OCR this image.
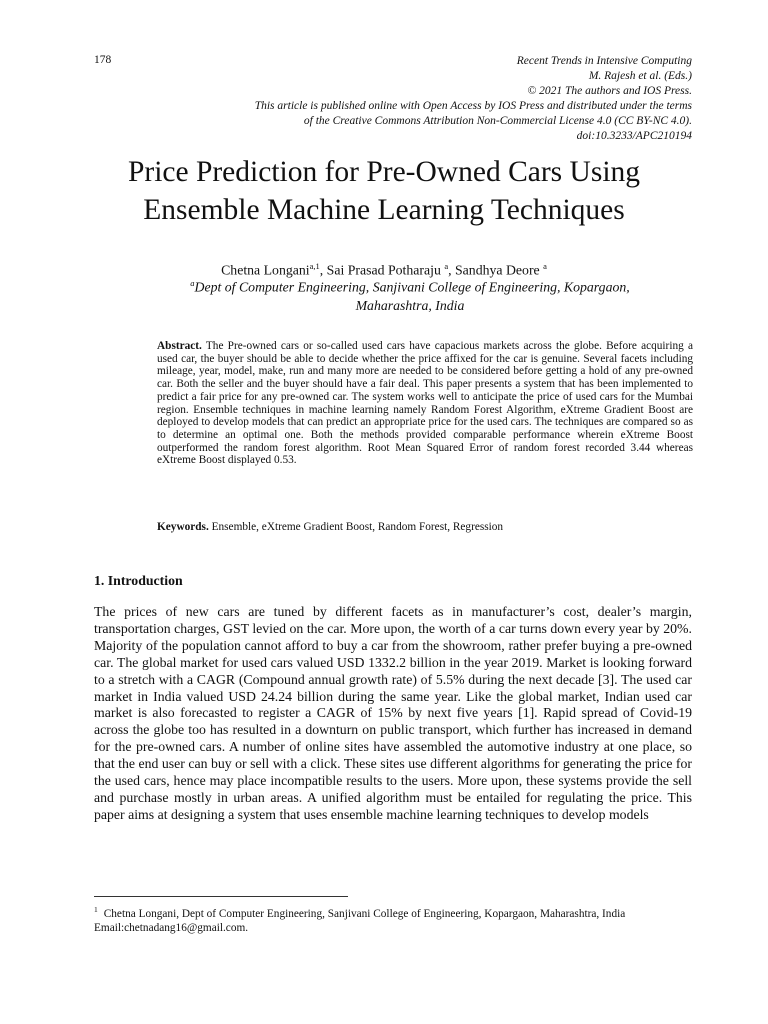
178	Recent Trends in Intensive Computing
M. Rajesh et al. (Eds.)
© 2021 The authors and IOS Press.
This article is published online with Open Access by IOS Press and distributed under the terms
of the Creative Commons Attribution Non-Commercial License 4.0 (CC BY-NC 4.0).
doi:10.3233/APC210194
Price Prediction for Pre-Owned Cars Using
Ensemble Machine Learning Techniques
Chetna Longani$^{a,1}$, Sai Prasad Potharaju $^a$, Sandhya Deore $^a$
$^a$Dept of Computer Engineering, Sanjivani College of Engineering, Kopargaon,
Maharashtra, India
Abstract. The Pre-owned cars or so-called used cars have capacious markets across the globe. Before acquiring a used car, the buyer should be able to decide whether the price affixed for the car is genuine. Several facets including mileage, year, model, make, run and many more are needed to be considered before getting a hold of any pre-owned car. Both the seller and the buyer should have a fair deal. This paper presents a system that has been implemented to predict a fair price for any pre-owned car. The system works well to anticipate the price of used cars for the Mumbai region. Ensemble techniques in machine learning namely Random Forest Algorithm, eXtreme Gradient Boost are deployed to develop models that can predict an appropriate price for the used cars. The techniques are compared so as to determine an optimal one. Both the methods provided comparable performance wherein eXtreme Boost outperformed the random forest algorithm. Root Mean Squared Error of random forest recorded 3.44 whereas eXtreme Boost displayed 0.53.
Keywords. Ensemble, eXtreme Gradient Boost, Random Forest, Regression
1. Introduction
The prices of new cars are tuned by different facets as in manufacturer’s cost, dealer’s margin, transportation charges, GST levied on the car. More upon, the worth of a car turns down every year by 20%. Majority of the population cannot afford to buy a car from the showroom, rather prefer buying a pre-owned car. The global market for used cars valued USD 1332.2 billion in the year 2019. Market is looking forward to a stretch with a CAGR (Compound annual growth rate) of 5.5% during the next decade [3]. The used car market in India valued USD 24.24 billion during the same year. Like the global market, Indian used car market is also forecasted to register a CAGR of 15% by next five years [1]. Rapid spread of Covid-19 across the globe too has resulted in a downturn on public transport, which further has increased in demand for the pre-owned cars. A number of online sites have assembled the automotive industry at one place, so that the end user can buy or sell with a click. These sites use different algorithms for generating the price for the used cars, hence may place incompatible results to the users. More upon, these systems provide the sell and purchase mostly in urban areas. A unified algorithm must be entailed for regulating the price. This paper aims at designing a system that uses ensemble machine learning techniques to develop models
$^1$ Chetna Longani, Dept of Computer Engineering, Sanjivani College of Engineering, Kopargaon, Maharashtra, India
Email:chetnadang16@gmail.com.
